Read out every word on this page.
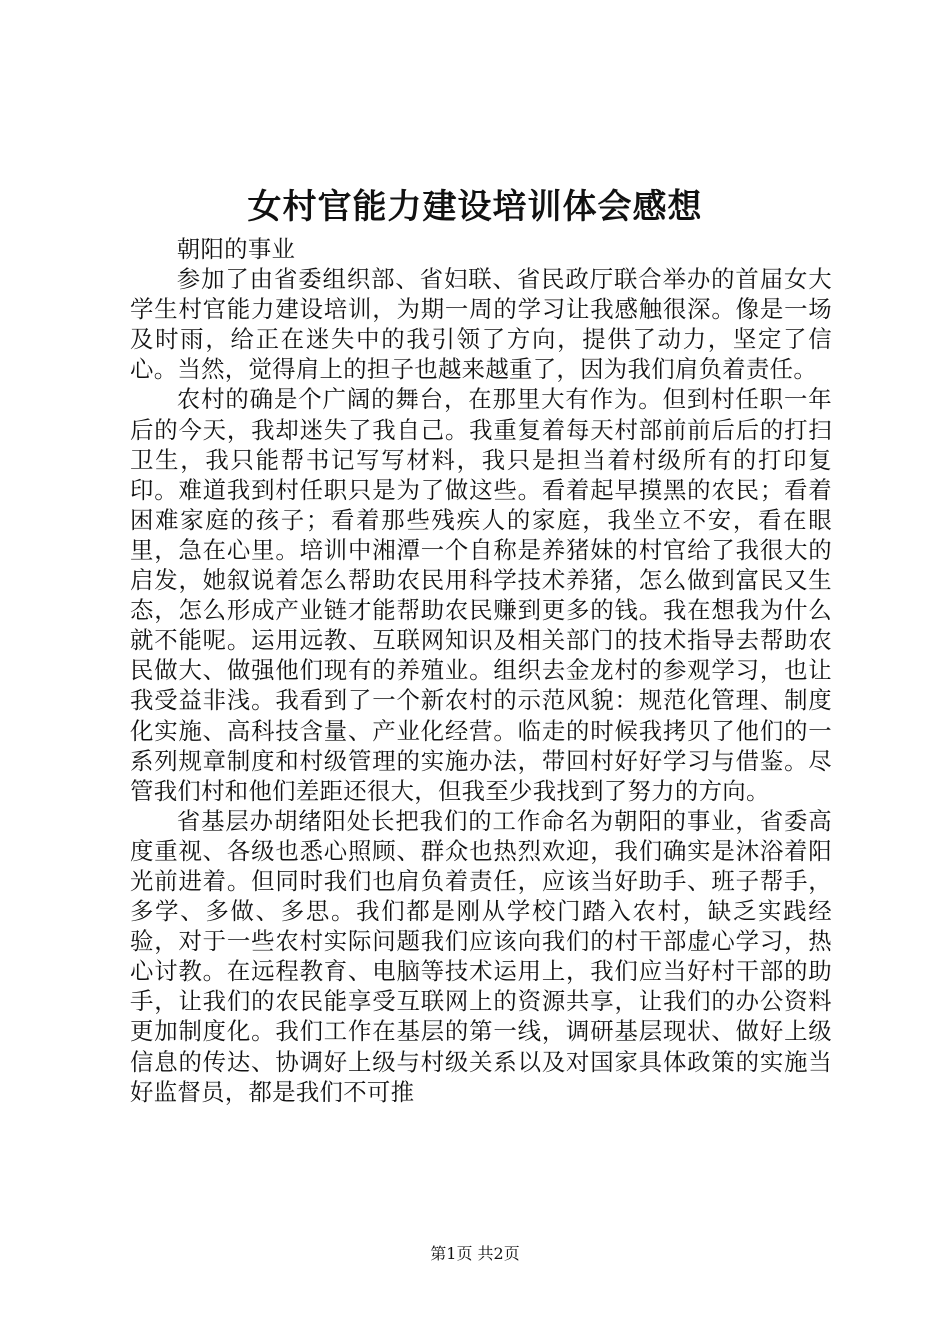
女村官能力建设培训体会感想

朝阳的事业

参加了由省委组织部、省妇联、省民政厅联合举办的首届女大学生村官能力建设培训，为期一周的学习让我感触很深。像是一场及时雨，给正在迷失中的我引领了方向，提供了动力，坚定了信心。当然，觉得肩上的担子也越来越重了，因为我们肩负着责任。

农村的确是个广阔的舞台，在那里大有作为。但到村任职一年后的今天，我却迷失了我自己。我重复着每天村部前前后后的打扫卫生，我只能帮书记写写材料，我只是担当着村级所有的打印复印。难道我到村任职只是为了做这些。看着起早摸黑的农民；看着困难家庭的孩子；看着那些残疾人的家庭，我坐立不安，看在眼里，急在心里。培训中湘潭一个自称是养猪妹的村官给了我很大的启发，她叙说着怎么帮助农民用科学技术养猪，怎么做到富民又生态，怎么形成产业链才能帮助农民赚到更多的钱。我在想我为什么就不能呢。运用远教、互联网知识及相关部门的技术指导去帮助农民做大、做强他们现有的养殖业。组织去金龙村的参观学习，也让我受益非浅。我看到了一个新农村的示范风貌：规范化管理、制度化实施、高科技含量、产业化经营。临走的时候我拷贝了他们的一系列规章制度和村级管理的实施办法，带回村好好学习与借鉴。尽管我们村和他们差距还很大，但我至少我找到了努力的方向。

省基层办胡绪阳处长把我们的工作命名为朝阳的事业，省委高度重视、各级也悉心照顾、群众也热烈欢迎，我们确实是沐浴着阳光前进着。但同时我们也肩负着责任，应该当好助手、班子帮手，多学、多做、多思。我们都是刚从学校门踏入农村，缺乏实践经验，对于一些农村实际问题我们应该向我们的村干部虚心学习，热心讨教。在远程教育、电脑等技术运用上，我们应当好村干部的助手，让我们的农民能享受互联网上的资源共享，让我们的办公资料更加制度化。我们工作在基层的第一线，调研基层现状、做好上级信息的传达、协调好上级与村级关系以及对国家具体政策的实施当好监督员，都是我们不可推

第1页 共2页
